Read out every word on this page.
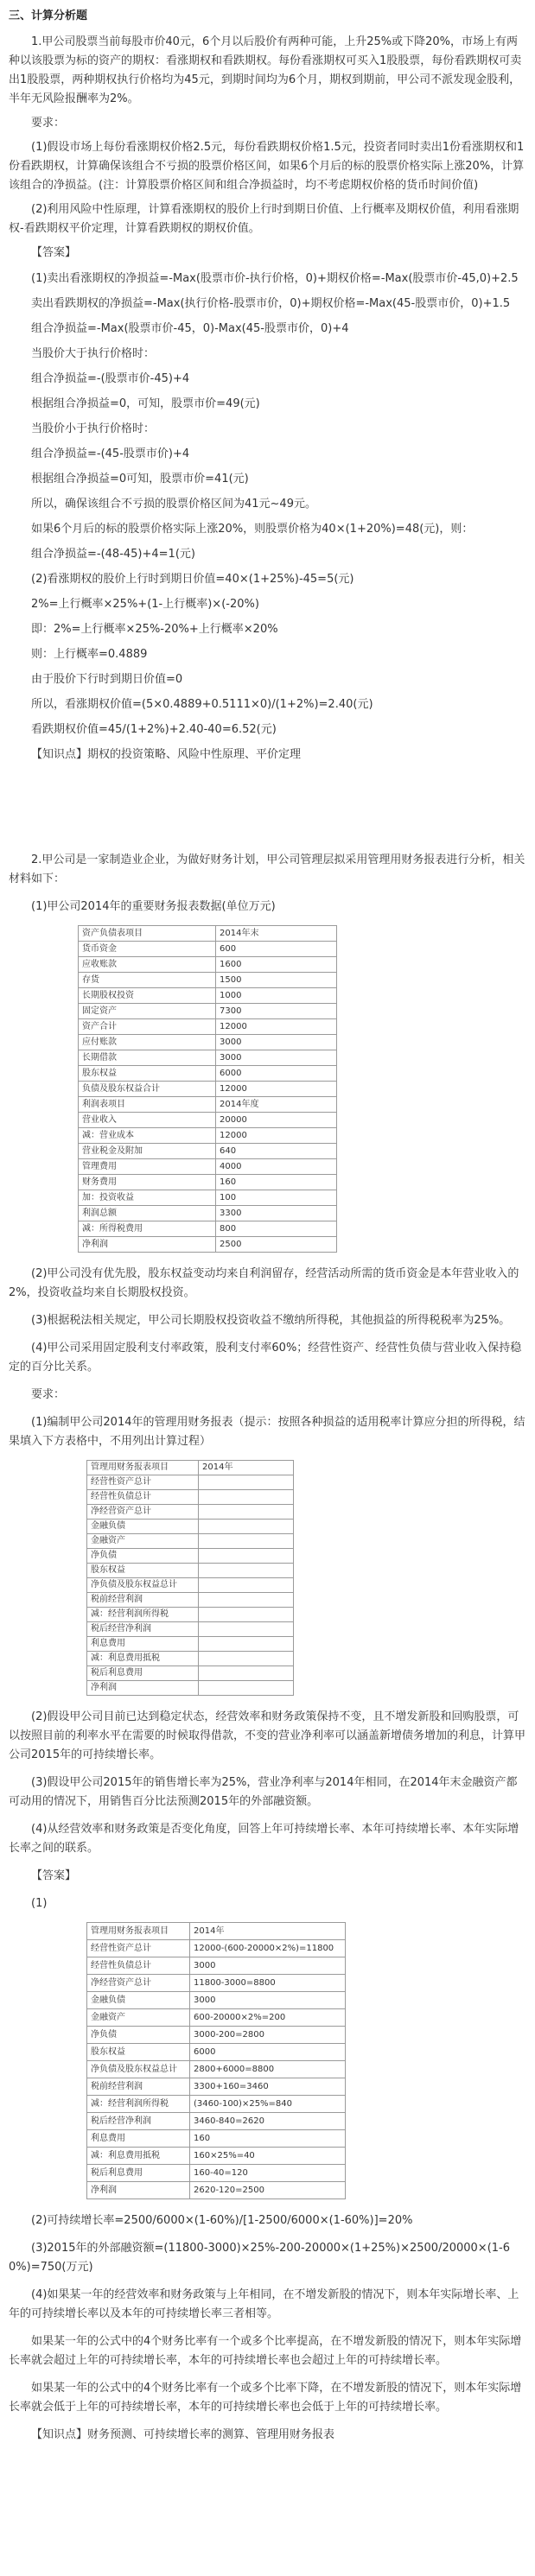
三、计算分析题

1.甲公司股票当前每股市价40元，6个月以后股价有两种可能，上升25%或下降20%，市场上有两种以该股票为标的资产的期权：看涨期权和看跌期权。每份看涨期权可买入1股股票，每份看跌期权可卖出1股股票，两种期权执行价格均为45元，到期时间均为6个月，期权到期前，甲公司不派发现金股利，半年无风险报酬率为2%。

要求：

(1)假设市场上每份看涨期权价格2.5元，每份看跌期权价格1.5元，投资者同时卖出1份看涨期权和1份看跌期权，计算确保该组合不亏损的股票价格区间，如果6个月后的标的股票价格实际上涨20%，计算该组合的净损益。(注：计算股票价格区间和组合净损益时，均不考虑期权价格的货币时间价值)

(2)利用风险中性原理，计算看涨期权的股价上行时到期日价值、上行概率及期权价值，利用看涨期权-看跌期权平价定理，计算看跌期权的期权价值。

【答案】

(1)卖出看涨期权的净损益=-Max(股票市价-执行价格，0)+期权价格=-Max(股票市价-45,0)+2.5

卖出看跌期权的净损益=-Max(执行价格-股票市价，0)+期权价格=-Max(45-股票市价，0)+1.5

组合净损益=-Max(股票市价-45，0)-Max(45-股票市价，0)+4

当股价大于执行价格时：

组合净损益=-(股票市价-45)+4

根据组合净损益=0，可知，股票市价=49(元)

当股价小于执行价格时：

组合净损益=-(45-股票市价)+4

根据组合净损益=0可知，股票市价=41(元)

所以，确保该组合不亏损的股票价格区间为41元~49元。

如果6个月后的标的股票价格实际上涨20%，则股票价格为40×(1+20%)=48(元)，则：

组合净损益=-(48-45)+4=1(元)

(2)看涨期权的股价上行时到期日价值=40×(1+25%)-45=5(元)

2%=上行概率×25%+(1-上行概率)×(-20%)

即：2%=上行概率×25%-20%+上行概率×20%

则：上行概率=0.4889

由于股价下行时到期日价值=0

所以，看涨期权价值=(5×0.4889+0.5111×0)/(1+2%)=2.40(元)

看跌期权价值=45/(1+2%)+2.40-40=6.52(元)

【知识点】期权的投资策略、风险中性原理、平价定理

2.甲公司是一家制造业企业，为做好财务计划，甲公司管理层拟采用管理用财务报表进行分析，相关材料如下：

(1)甲公司2014年的重要财务报表数据(单位万元)

资产负债表项目	2014年末
货币资金	600
应收账款	1600
存货	1500
长期股权投资	1000
固定资产	7300
资产合计	12000
应付账款	3000
长期借款	3000
股东权益	6000
负债及股东权益合计	12000
利润表项目	2014年度
营业收入	20000
减：营业成本	12000
营业税金及附加	640
管理费用	4000
财务费用	160
加：投资收益	100
利润总额	3300
减：所得税费用	800
净利润	2500

(2)甲公司没有优先股，股东权益变动均来自利润留存，经营活动所需的货币资金是本年营业收入的2%，投资收益均来自长期股权投资。

(3)根据税法相关规定，甲公司长期股权投资收益不缴纳所得税，其他损益的所得税税率为25%。

(4)甲公司采用固定股利支付率政策，股利支付率60%；经营性资产、经营性负债与营业收入保持稳定的百分比关系。

要求：

(1)编制甲公司2014年的管理用财务报表（提示：按照各种损益的适用税率计算应分担的所得税，结果填入下方表格中，不用列出计算过程）

管理用财务报表项目	2014年
经营性资产总计	
经营性负债总计	
净经营资产总计	
金融负债	
金融资产	
净负债	
股东权益	
净负债及股东权益总计	
税前经营利润	
减：经营利润所得税	
税后经营净利润	
利息费用	
减：利息费用抵税	
税后利息费用	
净利润	

(2)假设甲公司目前已达到稳定状态，经营效率和财务政策保持不变，且不增发新股和回购股票，可以按照目前的利率水平在需要的时候取得借款，不变的营业净利率可以涵盖新增债务增加的利息，计算甲公司2015年的可持续增长率。

(3)假设甲公司2015年的销售增长率为25%，营业净利率与2014年相同，在2014年末金融资产都可动用的情况下，用销售百分比法预测2015年的外部融资额。

(4)从经营效率和财务政策是否变化角度，回答上年可持续增长率、本年可持续增长率、本年实际增长率之间的联系。

【答案】

(1)

管理用财务报表项目	2014年
经营性资产总计	12000-(600-20000×2%)=11800
经营性负债总计	3000
净经营资产总计	11800-3000=8800
金融负债	3000
金融资产	600-20000×2%=200
净负债	3000-200=2800
股东权益	6000
净负债及股东权益总计	2800+6000=8800
税前经营利润	3300+160=3460
减：经营利润所得税	(3460-100)×25%=840
税后经营净利润	3460-840=2620
利息费用	160
减：利息费用抵税	160×25%=40
税后利息费用	160-40=120
净利润	2620-120=2500

(2)可持续增长率=2500/6000×(1-60%)/[1-2500/6000×(1-60%)]=20%

(3)2015年的外部融资额=(11800-3000)×25%-200-20000×(1+25%)×2500/20000×(1-60%)=750(万元)

(4)如果某一年的经营效率和财务政策与上年相同，在不增发新股的情况下，则本年实际增长率、上年的可持续增长率以及本年的可持续增长率三者相等。

如果某一年的公式中的4个财务比率有一个或多个比率提高，在不增发新股的情况下，则本年实际增长率就会超过上年的可持续增长率，本年的可持续增长率也会超过上年的可持续增长率。

如果某一年的公式中的4个财务比率有一个或多个比率下降，在不增发新股的情况下，则本年实际增长率就会低于上年的可持续增长率，本年的可持续增长率也会低于上年的可持续增长率。

【知识点】财务预测、可持续增长率的测算、管理用财务报表
